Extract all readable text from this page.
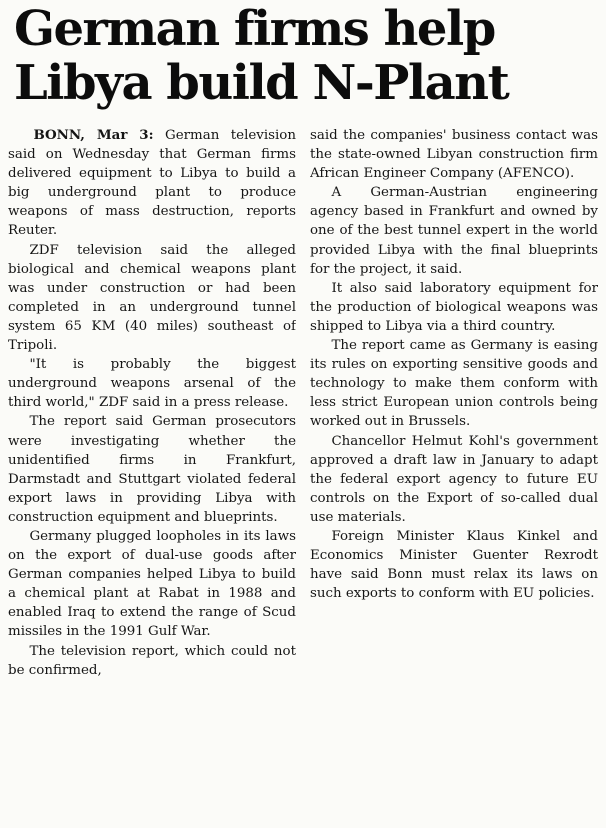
German firms help
Libya build N-Plant

BONN, Mar 3: German television said on Wednesday that German firms delivered equipment to Libya to build a big underground plant to produce weapons of mass destruction, reports Reuter.

ZDF television said the alleged biological and chemical weapons plant was under construction or had been completed in an underground tunnel system 65 KM (40 miles) southeast of Tripoli.

"It is probably the biggest underground weapons arsenal of the third world," ZDF said in a press release.

The report said German prosecutors were investigating whether the unidentified firms in Frankfurt, Darmstadt and Stuttgart violated federal export laws in providing Libya with construction equipment and blueprints.

Germany plugged loopholes in its laws on the export of dual-use goods after German companies helped Libya to build a chemical plant at Rabat in 1988 and enabled Iraq to extend the range of Scud missiles in the 1991 Gulf War.

The television report, which could not be confirmed,

said the companies' business contact was the state-owned Libyan construction firm African Engineer Company (AFENCO).

A German-Austrian engineering agency based in Frankfurt and owned by one of the best tunnel expert in the world provided Libya with the final blueprints for the project, it said.

It also said laboratory equipment for the production of biological weapons was shipped to Libya via a third country.

The report came as Germany is easing its rules on exporting sensitive goods and technology to make them conform with less strict European union controls being worked out in Brussels.

Chancellor Helmut Kohl's government approved a draft law in January to adapt the federal export agency to future EU controls on the Export of so-called dual use materials.

Foreign Minister Klaus Kinkel and Economics Minister Guenter Rexrodt have said Bonn must relax its laws on such exports to conform with EU policies.
